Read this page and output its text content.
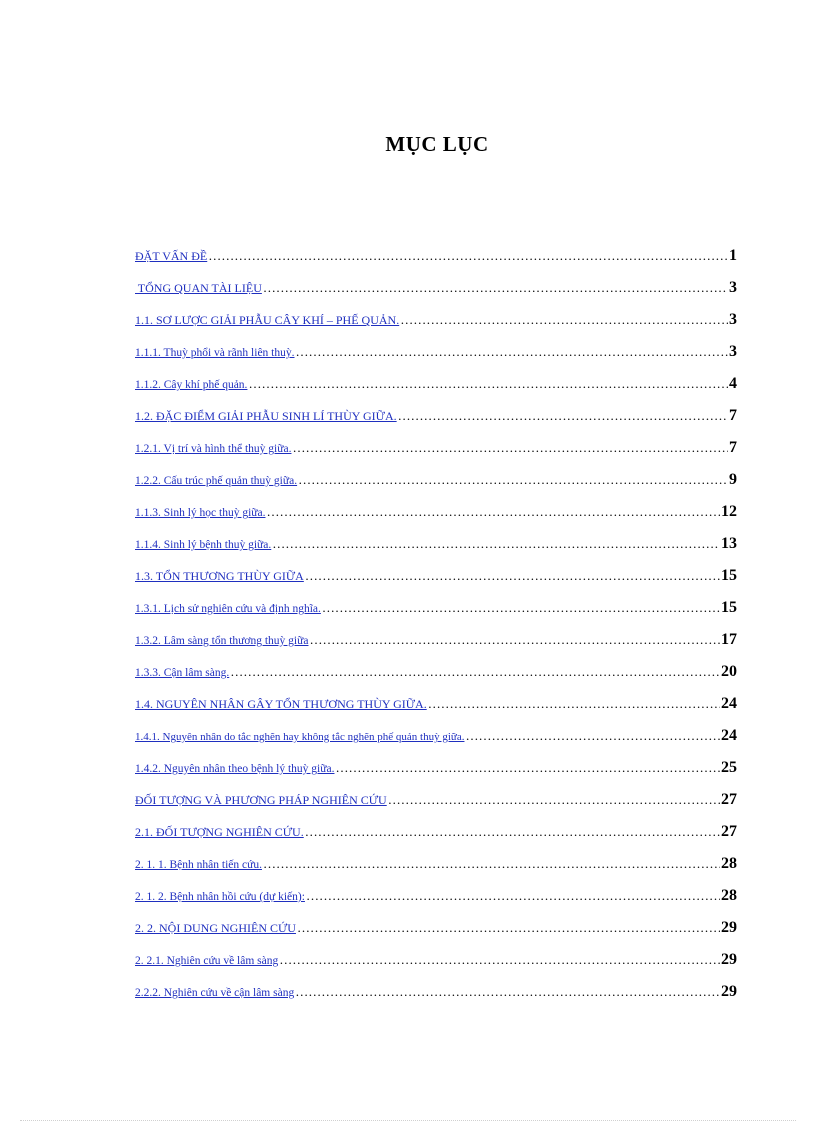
MỤC LỤC
ĐẶT VẤN ĐỀ …………………………………………………………………………………………………………………………………………………………………………………………………………………………	1
TỔNG QUAN TÀI LIỆU …………………………………………………………………………………………………………………………………………………………………………………………………………………………	3
1.1. SƠ LƯỢC GIẢI PHẪU CÂY KHÍ – PHẾ QUẢN. …………………………………………………………………………………………………………………………………………………………………………………………………………………………	3
1.1.1. Thuỳ phổi và rãnh liên thuỳ. …………………………………………………………………………………………………………………………………………………………………………………………………………………………	3
1.1.2. Cây khí phế quản. …………………………………………………………………………………………………………………………………………………………………………………………………………………………	4
1.2. ĐẶC ĐIỂM GIẢI PHẪU SINH LÍ THÙY GIỮA. …………………………………………………………………………………………………………………………………………………………………………………………………………………………	7
1.2.1. Vị trí và hình thể thuỳ giữa. …………………………………………………………………………………………………………………………………………………………………………………………………………………………	7
1.2.2. Cấu trúc phế quản thuỳ giữa. …………………………………………………………………………………………………………………………………………………………………………………………………………………………	9
1.1.3. Sinh lý học thuỳ giữa. …………………………………………………………………………………………………………………………………………………………………………………………………………………………	12
1.1.4. Sinh lý bệnh thuỳ giữa. …………………………………………………………………………………………………………………………………………………………………………………………………………………………	13
1.3. TỔN THƯƠNG THÙY GIỮA …………………………………………………………………………………………………………………………………………………………………………………………………………………………	15
1.3.1. Lịch sử nghiên cứu và định nghĩa. …………………………………………………………………………………………………………………………………………………………………………………………………………………………	15
1.3.2. Lâm sàng tổn thương thuỳ giữa …………………………………………………………………………………………………………………………………………………………………………………………………………………………	17
1.3.3. Cận lâm sàng. …………………………………………………………………………………………………………………………………………………………………………………………………………………………	20
1.4. NGUYÊN NHÂN GÂY TỔN THƯƠNG THÙY GIỮA. …………………………………………………………………………………………………………………………………………………………………………………………………………………………	24
1.4.1. Nguyên nhân do tắc nghẽn hay không tắc nghẽn phế quản thuỳ giữa. …………………………………………………………………………………………………………………………………………………………………………………………………………………………	24
1.4.2. Nguyên nhân theo bệnh lý thuỳ giữa. …………………………………………………………………………………………………………………………………………………………………………………………………………………………	25
ĐỐI TƯỢNG VÀ PHƯƠNG PHÁP NGHIÊN CỨU …………………………………………………………………………………………………………………………………………………………………………………………………………………………	27
2.1. ĐỐI TƯỢNG NGHIÊN CỨU. …………………………………………………………………………………………………………………………………………………………………………………………………………………………	27
2. 1. 1. Bệnh nhân tiến cứu. …………………………………………………………………………………………………………………………………………………………………………………………………………………………	28
2. 1. 2. Bệnh nhân hồi cứu (dự kiến): …………………………………………………………………………………………………………………………………………………………………………………………………………………………	28
2. 2. NỘI DUNG NGHIÊN CỨU …………………………………………………………………………………………………………………………………………………………………………………………………………………………	29
2. 2.1. Nghiên cứu về lâm sàng …………………………………………………………………………………………………………………………………………………………………………………………………………………………	29
2.2.2. Nghiên cứu về cận lâm sàng …………………………………………………………………………………………………………………………………………………………………………………………………………………………	29
